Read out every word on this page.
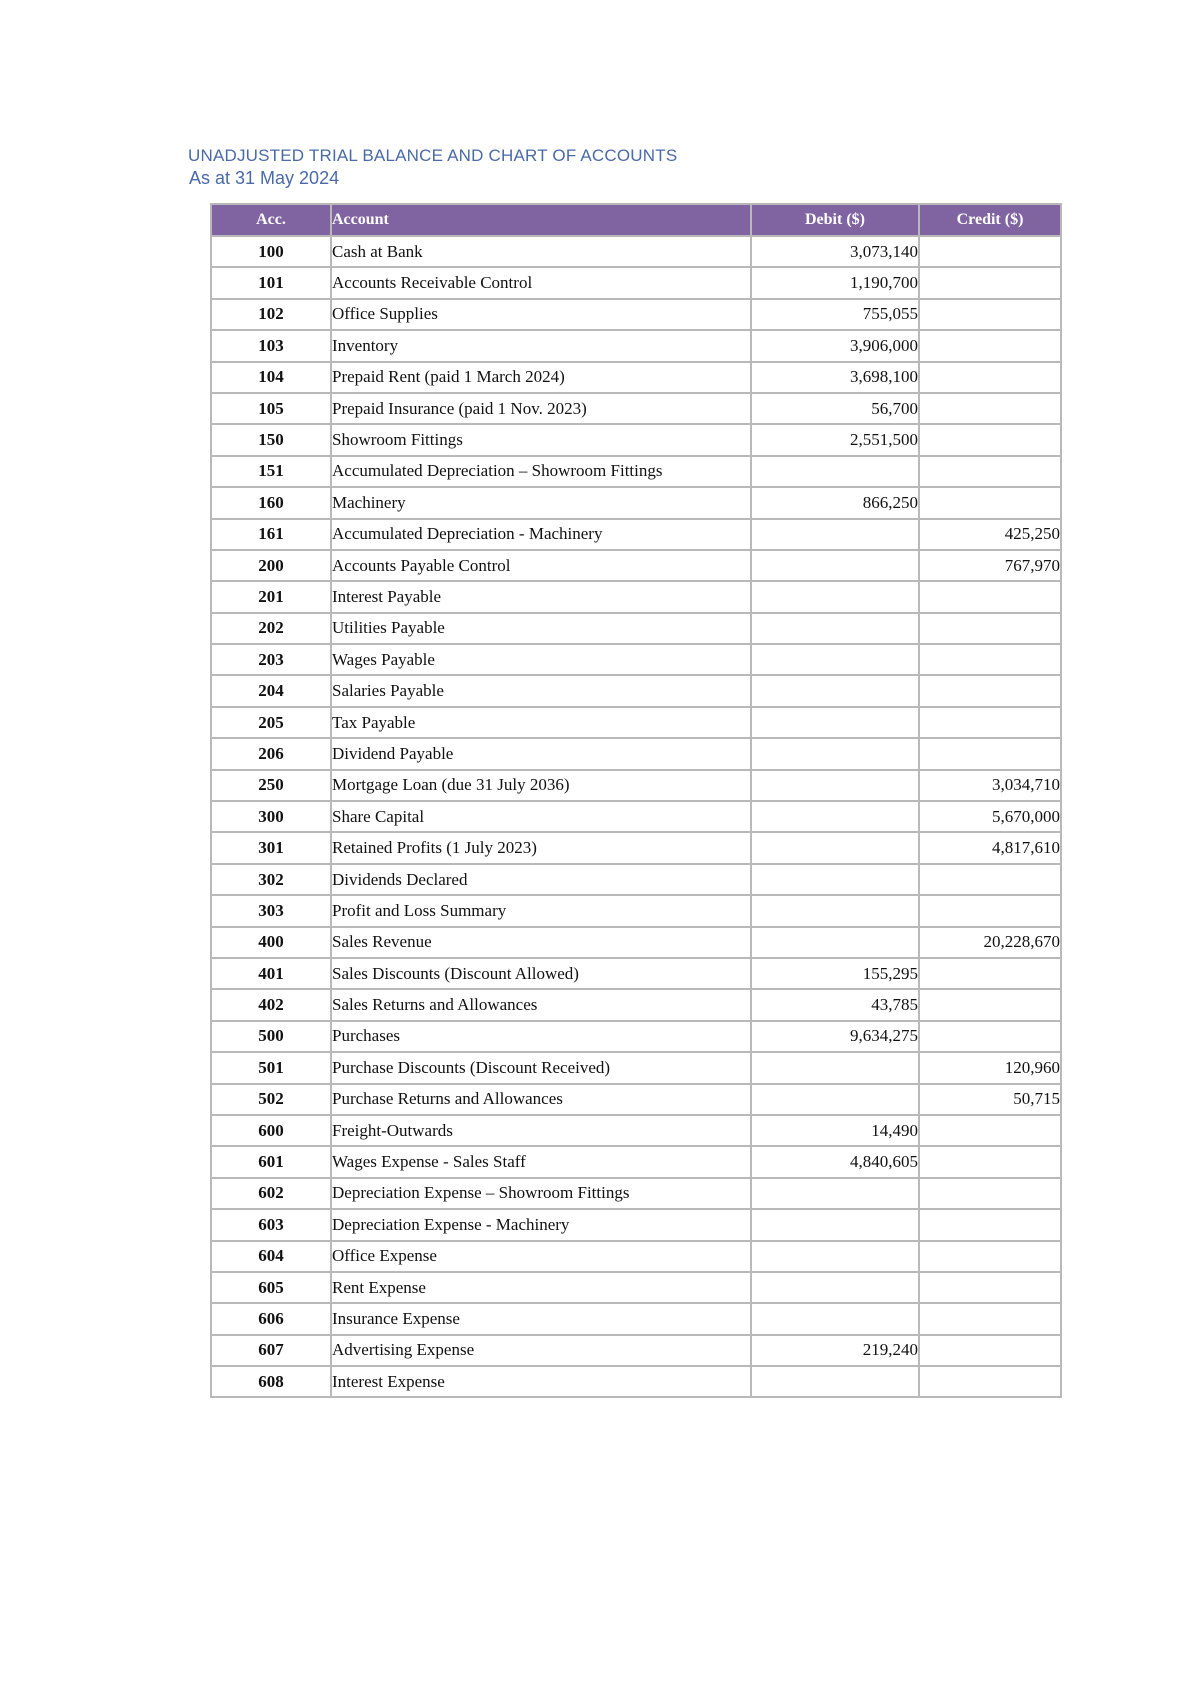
UNADJUSTED TRIAL BALANCE AND CHART OF ACCOUNTS
As at 31 May 2024
Acc.	Account	Debit ($)	Credit ($)
100	Cash at Bank	3,073,140	
101	Accounts Receivable Control	1,190,700	
102	Office Supplies	755,055	
103	Inventory	3,906,000	
104	Prepaid Rent (paid 1 March 2024)	3,698,100	
105	Prepaid Insurance (paid 1 Nov. 2023)	56,700	
150	Showroom Fittings	2,551,500	
151	Accumulated Depreciation – Showroom Fittings		
160	Machinery	866,250	
161	Accumulated Depreciation - Machinery		425,250
200	Accounts Payable Control		767,970
201	Interest Payable		
202	Utilities Payable		
203	Wages Payable		
204	Salaries Payable		
205	Tax Payable		
206	Dividend Payable		
250	Mortgage Loan (due 31 July 2036)		3,034,710
300	Share Capital		5,670,000
301	Retained Profits (1 July 2023)		4,817,610
302	Dividends Declared		
303	Profit and Loss Summary		
400	Sales Revenue		20,228,670
401	Sales Discounts (Discount Allowed)	155,295	
402	Sales Returns and Allowances	43,785	
500	Purchases	9,634,275	
501	Purchase Discounts (Discount Received)		120,960
502	Purchase Returns and Allowances		50,715
600	Freight-Outwards	14,490	
601	Wages Expense - Sales Staff	4,840,605	
602	Depreciation Expense – Showroom Fittings		
603	Depreciation Expense - Machinery		
604	Office Expense		
605	Rent Expense		
606	Insurance Expense		
607	Advertising Expense	219,240	
608	Interest Expense		
